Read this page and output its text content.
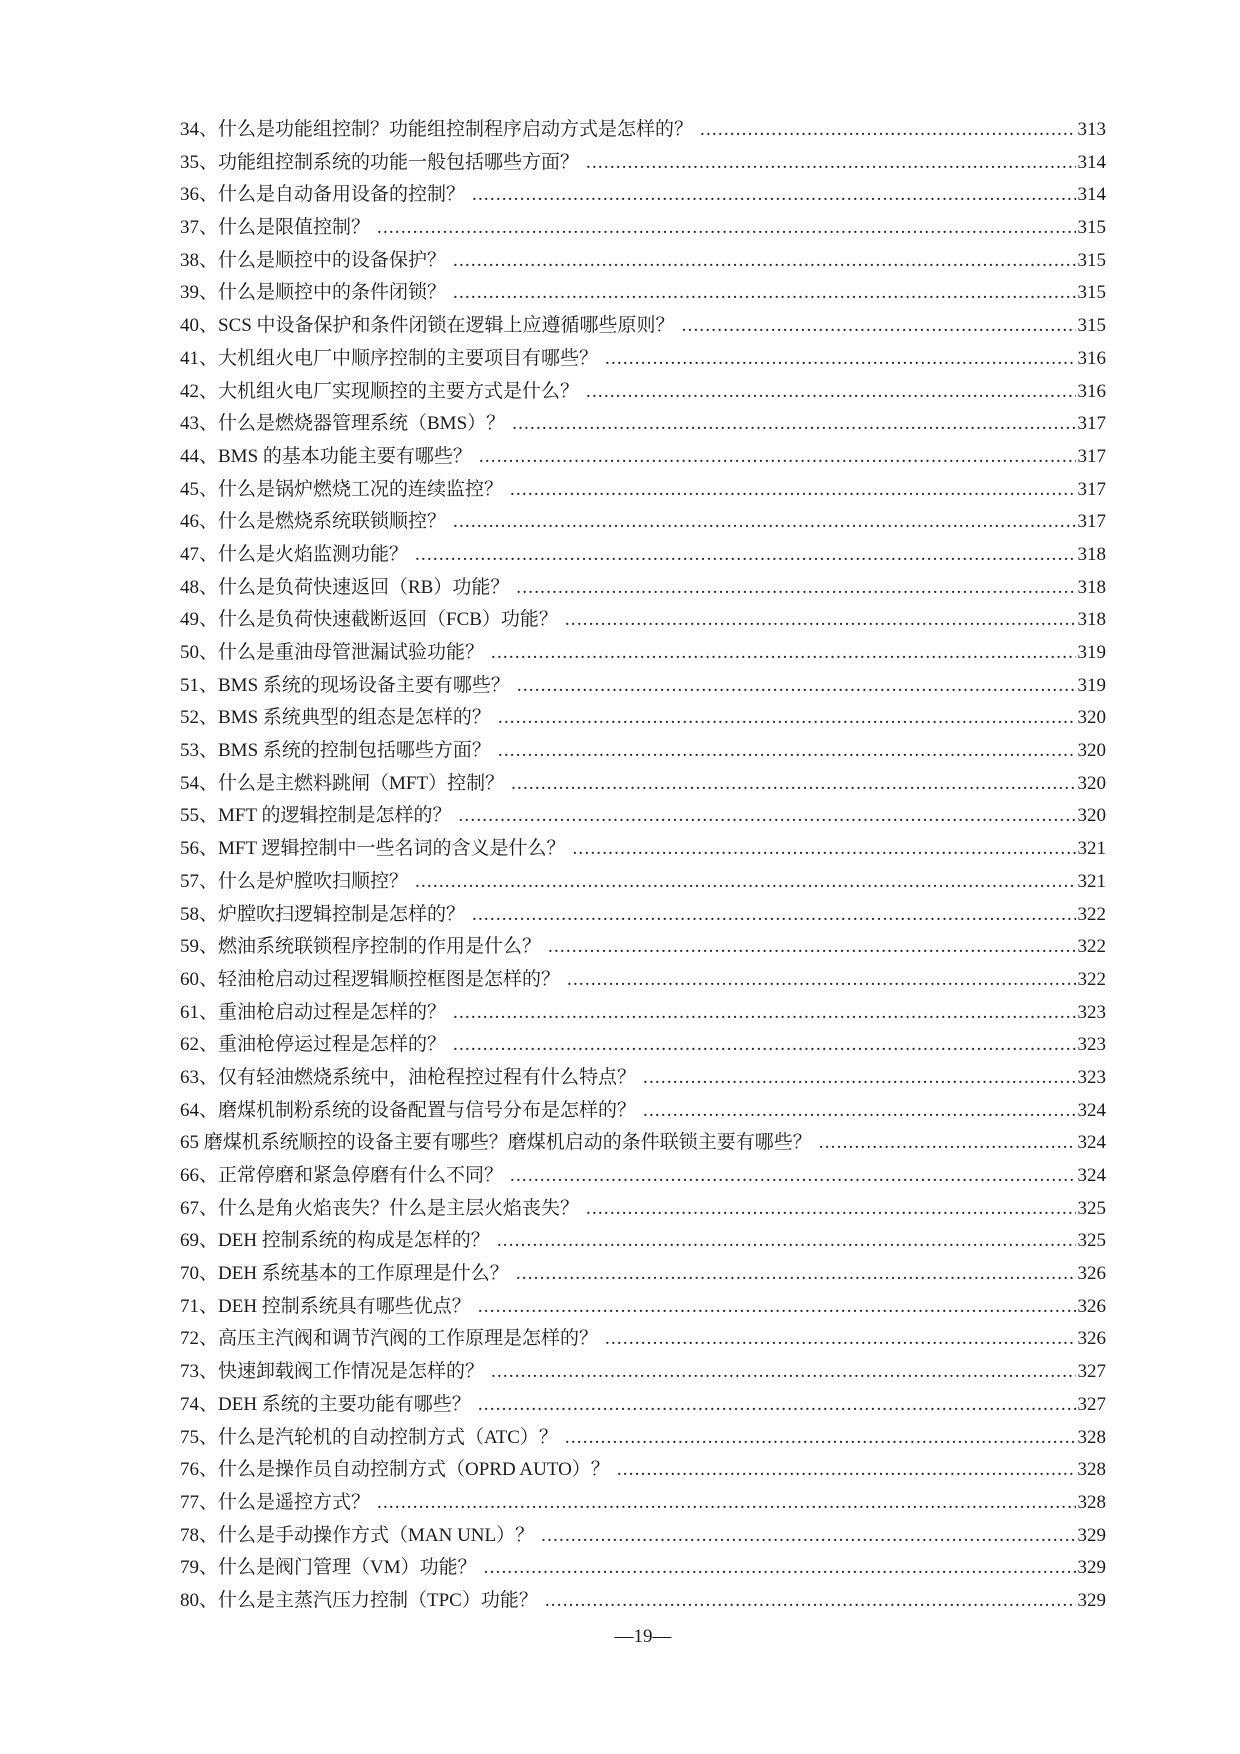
34、什么是功能组控制？功能组控制程序启动方式是怎样的？ .....	313
35、功能组控制系统的功能一般包括哪些方面？ .....	314
36、什么是自动备用设备的控制？ .....	314
37、什么是限值控制？ .....	315
38、什么是顺控中的设备保护？ .....	315
39、什么是顺控中的条件闭锁？ .....	315
40、SCS 中设备保护和条件闭锁在逻辑上应遵循哪些原则？ .....	315
41、大机组火电厂中顺序控制的主要项目有哪些？ .....	316
42、大机组火电厂实现顺控的主要方式是什么？ .....	316
43、什么是燃烧器管理系统（BMS）？ .....	317
44、BMS 的基本功能主要有哪些？ .....	317
45、什么是锅炉燃烧工况的连续监控？ .....	317
46、什么是燃烧系统联锁顺控？ .....	317
47、什么是火焰监测功能？ .....	318
48、什么是负荷快速返回（RB）功能？ .....	318
49、什么是负荷快速截断返回（FCB）功能？ .....	318
50、什么是重油母管泄漏试验功能？ .....	319
51、BMS 系统的现场设备主要有哪些？ .....	319
52、BMS 系统典型的组态是怎样的？ .....	320
53、BMS 系统的控制包括哪些方面？ .....	320
54、什么是主燃料跳闸（MFT）控制？ .....	320
55、MFT 的逻辑控制是怎样的？ .....	320
56、MFT 逻辑控制中一些名词的含义是什么？ .....	321
57、什么是炉膛吹扫顺控？ .....	321
58、炉膛吹扫逻辑控制是怎样的？ .....	322
59、燃油系统联锁程序控制的作用是什么？ .....	322
60、轻油枪启动过程逻辑顺控框图是怎样的？ .....	322
61、重油枪启动过程是怎样的？ .....	323
62、重油枪停运过程是怎样的？ .....	323
63、仅有轻油燃烧系统中，油枪程控过程有什么特点？ .....	323
64、磨煤机制粉系统的设备配置与信号分布是怎样的？ .....	324
65 磨煤机系统顺控的设备主要有哪些？磨煤机启动的条件联锁主要有哪些？ .....	324
66、正常停磨和紧急停磨有什么不同？ .....	324
67、什么是角火焰丧失？什么是主层火焰丧失？ .....	325
69、DEH 控制系统的构成是怎样的？ .....	325
70、DEH 系统基本的工作原理是什么？ .....	326
71、DEH 控制系统具有哪些优点？ .....	326
72、高压主汽阀和调节汽阀的工作原理是怎样的？ .....	326
73、快速卸载阀工作情况是怎样的？ .....	327
74、DEH 系统的主要功能有哪些？ .....	327
75、什么是汽轮机的自动控制方式（ATC）？ .....	328
76、什么是操作员自动控制方式（OPRD AUTO）？ .....	328
77、什么是遥控方式？ .....	328
78、什么是手动操作方式（MAN UNL）？ .....	329
79、什么是阀门管理（VM）功能？ .....	329
80、什么是主蒸汽压力控制（TPC）功能？ .....	329
—19—
